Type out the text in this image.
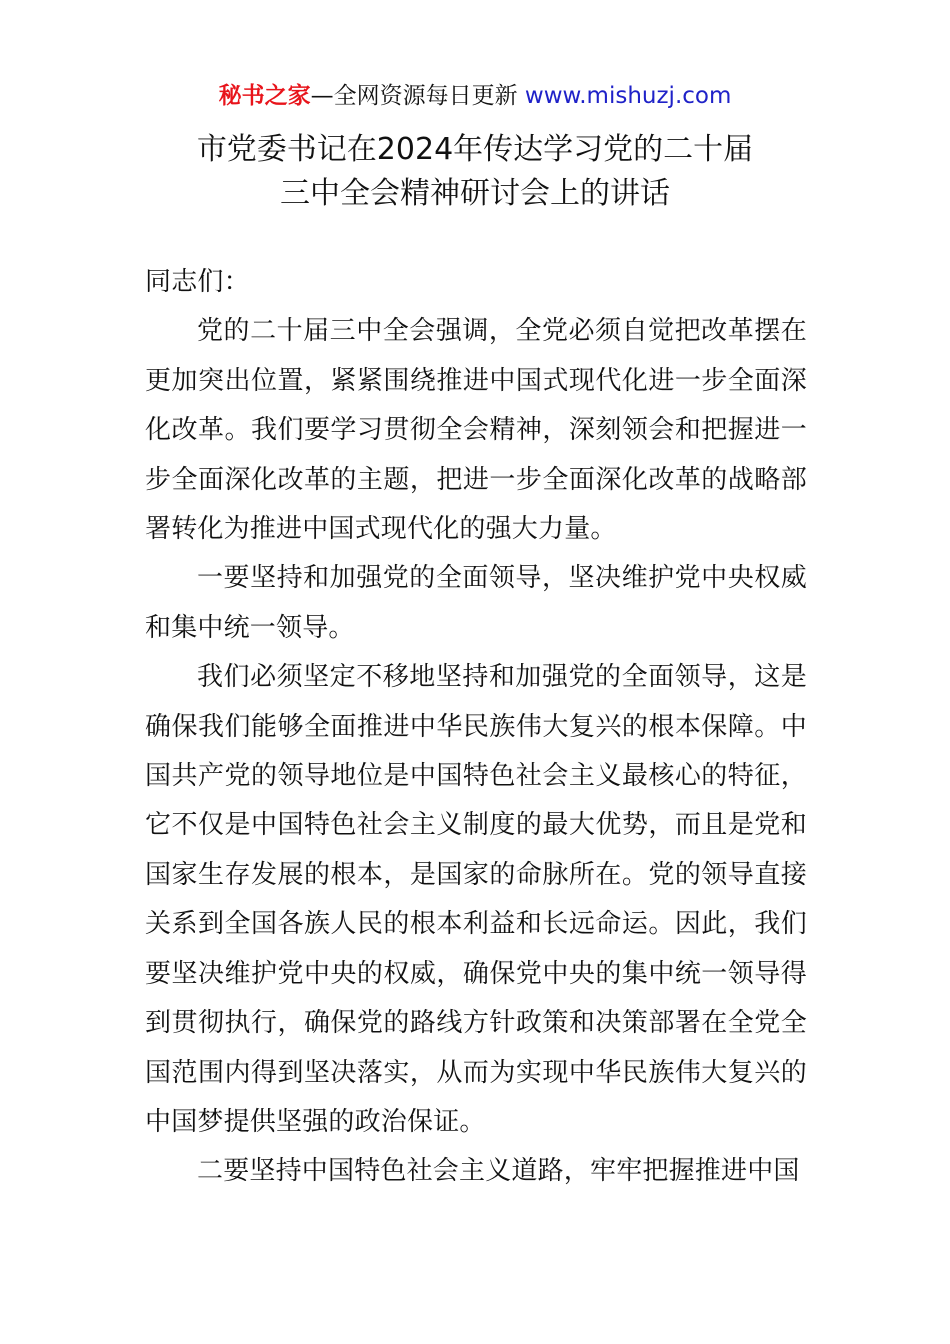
秘书之家—全网资源每日更新 www.mishuzj.com
市党委书记在2024年传达学习党的二十届
三中全会精神研讨会上的讲话

同志们：

党的二十届三中全会强调，全党必须自觉把改革摆在更加突出位置，紧紧围绕推进中国式现代化进一步全面深化改革。我们要学习贯彻全会精神，深刻领会和把握进一步全面深化改革的主题，把进一步全面深化改革的战略部署转化为推进中国式现代化的强大力量。

一要坚持和加强党的全面领导，坚决维护党中央权威和集中统一领导。

我们必须坚定不移地坚持和加强党的全面领导，这是确保我们能够全面推进中华民族伟大复兴的根本保障。中国共产党的领导地位是中国特色社会主义最核心的特征，它不仅是中国特色社会主义制度的最大优势，而且是党和国家生存发展的根本，是国家的命脉所在。党的领导直接关系到全国各族人民的根本利益和长远命运。因此，我们要坚决维护党中央的权威，确保党中央的集中统一领导得到贯彻执行，确保党的路线方针政策和决策部署在全党全国范围内得到坚决落实，从而为实现中华民族伟大复兴的中国梦提供坚强的政治保证。

二要坚持中国特色社会主义道路，牢牢把握推进中国
